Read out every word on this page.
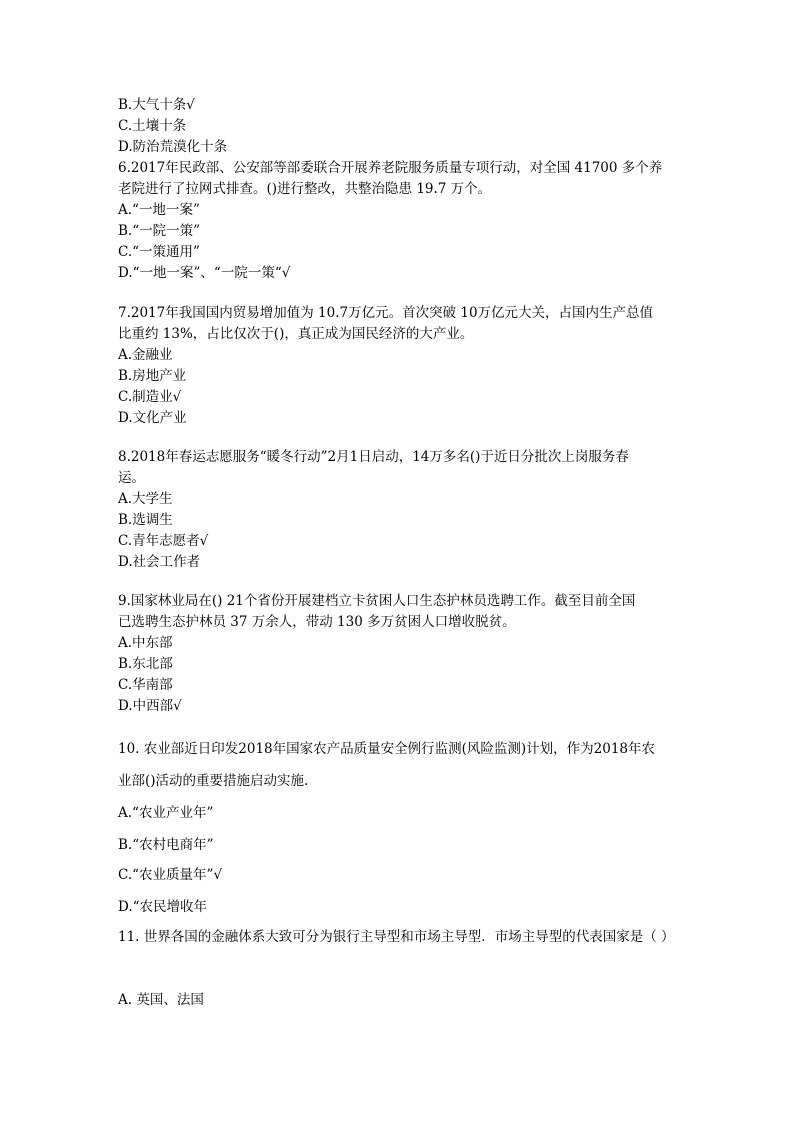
B.大气十条√
C.土壤十条
D.防治荒漠化十条
6.2017年民政部、公安部等部委联合开展养老院服务质量专项行动，对全国 41700 多个养
老院进行了拉网式排查。()进行整改，共整治隐患 19.7 万个。
A.“一地一案”
B.“一院一策”
C.“一策通用”
D.“一地一案”、“一院一策“√
7.2017年我国国内贸易增加值为 10.7万亿元。首次突破 10万亿元大关，占国内生产总值
比重约 13%，占比仅次于()，真正成为国民经济的大产业。
A.金融业
B.房地产业
C.制造业√
D.文化产业
8.2018年春运志愿服务“暖冬行动”2月1日启动，14万多名()于近日分批次上岗服务春
运。
A.大学生
B.选调生
C.青年志愿者√
D.社会工作者
9.国家林业局在() 21个省份开展建档立卡贫困人口生态护林员选聘工作。截至目前全国
已选聘生态护林员 37 万余人，带动 130 多万贫困人口增收脱贫。
A.中东部
B.东北部
C.华南部
D.中西部√
10. 农业部近日印发2018年国家农产品质量安全例行监测(风险监测)计划，作为2018年农
业部()活动的重要措施启动实施.
A.“农业产业年”
B.“农村电商年”
C.“农业质量年”√
D.“农民增收年
11. 世界各国的金融体系大致可分为银行主导型和市场主导型．市场主导型的代表国家是（ ）
A. 英国、法国
